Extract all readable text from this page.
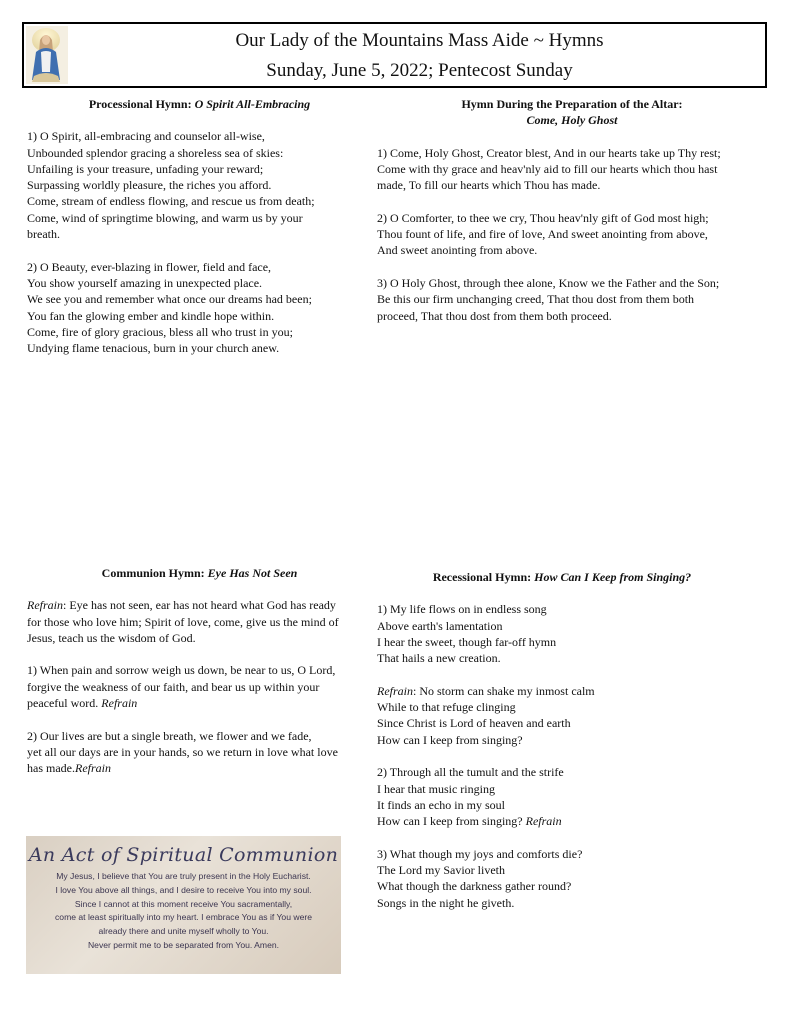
Our Lady of the Mountains Mass Aide ~ Hymns
Sunday, June 5, 2022; Pentecost Sunday
Processional Hymn: O Spirit All-Embracing

1) O Spirit, all-embracing and counselor all-wise,
Unbounded splendor gracing a shoreless sea of skies:
Unfailing is your treasure, unfading your reward;
Surpassing worldly pleasure, the riches you afford.
Come, stream of endless flowing, and rescue us from death;
Come, wind of springtime blowing, and warm us by your
breath.

2) O Beauty, ever-blazing in flower, field and face,
You show yourself amazing in unexpected place.
We see you and remember what once our dreams had been;
You fan the glowing ember and kindle hope within.
Come, fire of glory gracious, bless all who trust in you;
Undying flame tenacious, burn in your church anew.

Hymn During the Preparation of the Altar:
Come, Holy Ghost

1) Come, Holy Ghost, Creator blest, And in our hearts take up Thy rest;
Come with thy grace and heav'nly aid to fill our hearts which thou hast
made, To fill our hearts which Thou has made.

2) O Comforter, to thee we cry, Thou heav'nly gift of God most high;
Thou fount of life, and fire of love, And sweet anointing from above,
And sweet anointing from above.

3) O Holy Ghost, through thee alone, Know we the Father and the Son;
Be this our firm unchanging creed, That thou dost from them both
proceed, That thou dost from them both proceed.

Communion Hymn: Eye Has Not Seen

Refrain: Eye has not seen, ear has not heard what God has ready
for those who love him; Spirit of love, come, give us the mind of
Jesus, teach us the wisdom of God.

1) When pain and sorrow weigh us down, be near to us, O Lord,
forgive the weakness of our faith, and bear us up within your
peaceful word. Refrain

2) Our lives are but a single breath, we flower and we fade,
yet all our days are in your hands, so we return in love what love
has made.Refrain

Recessional Hymn: How Can I Keep from Singing?

1) My life flows on in endless song
Above earth's lamentation
I hear the sweet, though far-off hymn
That hails a new creation.

Refrain: No storm can shake my inmost calm
While to that refuge clinging
Since Christ is Lord of heaven and earth
How can I keep from singing?

2) Through all the tumult and the strife
I hear that music ringing
It finds an echo in my soul
How can I keep from singing? Refrain

3) What though my joys and comforts die?
The Lord my Savior liveth
What though the darkness gather round?
Songs in the night he giveth.

An Act of Spiritual Communion
My Jesus, I believe that You are truly present in the Holy Eucharist.
I love You above all things, and I desire to receive You into my soul.
Since I cannot at this moment receive You sacramentally,
come at least spiritually into my heart. I embrace You as if You were
already there and unite myself wholly to You.
Never permit me to be separated from You. Amen.
